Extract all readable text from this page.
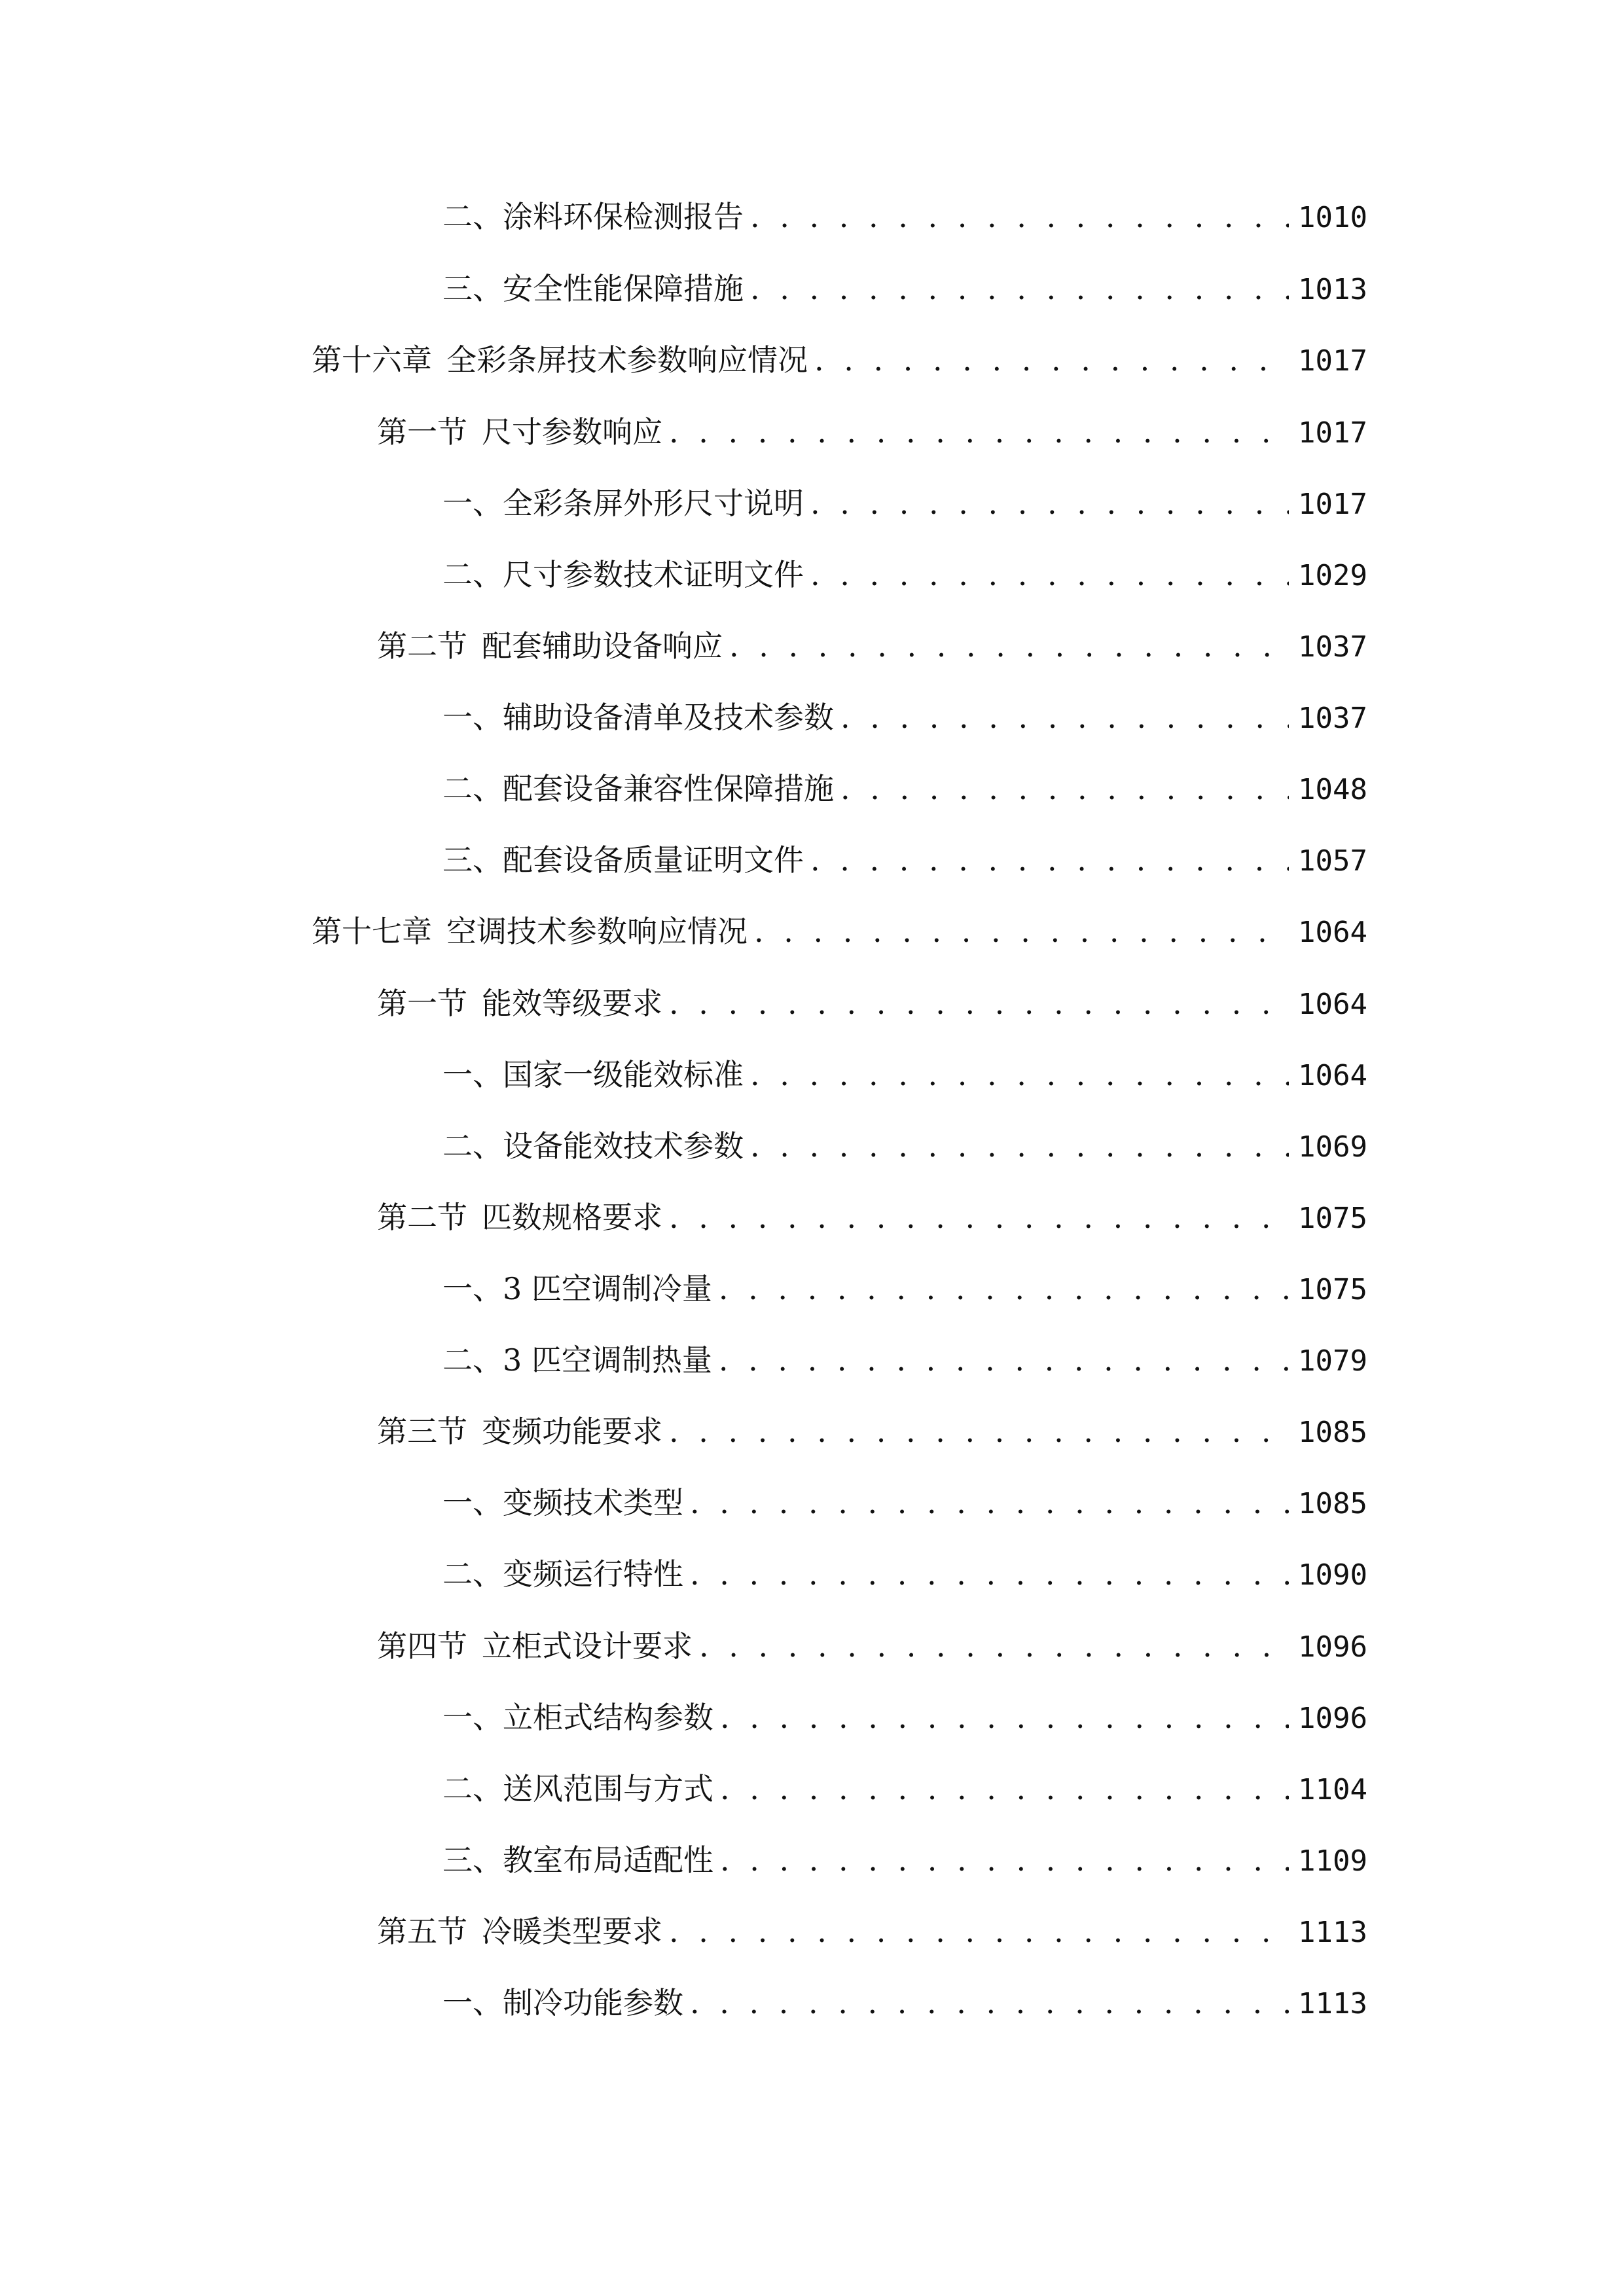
二、 涂料环保检测报告 . . .	1010
三、 安全性能保障措施 . . .	1013
第十六章 全彩条屏技术参数响应情况 . . .	1017
第一节 尺寸参数响应 . . .	1017
一、 全彩条屏外形尺寸说明 . . .	1017
二、 尺寸参数技术证明文件 . . .	1029
第二节 配套辅助设备响应 . . .	1037
一、 辅助设备清单及技术参数 . . .	1037
二、 配套设备兼容性保障措施 . . .	1048
三、 配套设备质量证明文件 . . .	1057
第十七章 空调技术参数响应情况 . . .	1064
第一节 能效等级要求 . . .	1064
一、 国家一级能效标准 . . .	1064
二、 设备能效技术参数 . . .	1069
第二节 匹数规格要求 . . .	1075
一、 3 匹空调制冷量 . . .	1075
二、 3 匹空调制热量 . . .	1079
第三节 变频功能要求 . . .	1085
一、 变频技术类型 . . .	1085
二、 变频运行特性 . . .	1090
第四节 立柜式设计要求 . . .	1096
一、 立柜式结构参数 . . .	1096
二、 送风范围与方式 . . .	1104
三、 教室布局适配性 . . .	1109
第五节 冷暖类型要求 . . .	1113
一、 制冷功能参数 . . .	1113
